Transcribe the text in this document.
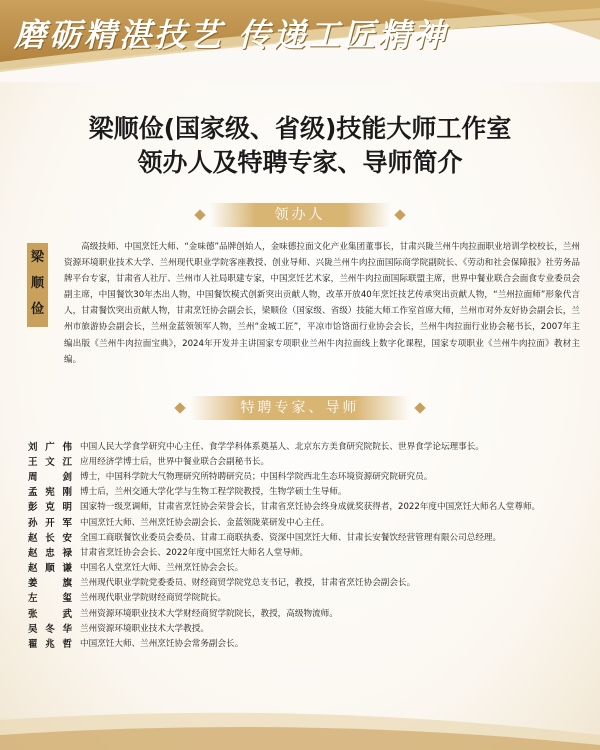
磨砺精湛技艺 传递工匠精神
梁顺俭(国家级、省级)技能大师工作室
领办人及特聘专家、导师简介
领办人
梁
顺
俭
高级技师、中国烹饪大师、“金味德”品牌创始人，金味德拉面文化产业集团董事长，甘肃兴陇兰州牛肉拉面职业培训学校校长，兰州资源环境职业技术大学、兰州现代职业学院客座教授、创业导师、兴陇兰州牛肉拉面国际商学院副院长、《劳动和社会保障报》社劳务品牌平台专家，甘肃省人社厅、兰州市人社局职建专家，中国烹饪艺术家，兰州牛肉拉面国际联盟主席，世界中餐业联合会面食专业委员会副主席，中国餐饮30年杰出人物，中国餐饮模式创新突出贡献人物，改革开放40年烹饪技艺传承突出贡献人物，“兰州拉面师”形象代言人，甘肃餐饮突出贡献人物，甘肃烹饪协会副会长，梁顺俭（国家级、省级）技能大师工作室首席大师，兰州市对外友好协会副会长，兰州市旅游协会副会长，兰州金蓝领领军人物，兰州“金城工匠”，平凉市饸饹面行业协会会长，兰州牛肉拉面行业协会秘书长，2007年主编出版《兰州牛肉拉面宝典》，2024年开发并主讲国家专项职业兰州牛肉拉面线上数字化课程，国家专项职业《兰州牛肉拉面》教材主编。
特聘专家、导师
刘广伟 中国人民大学食学研究中心主任、食学学科体系奠基人、北京东方美食研究院院长、世界食学论坛理事长。
王文江 应用经济学博士后，世界中餐业联合会副秘书长。
周剑 博士，中国科学院大气物理研究所特聘研究员；中国科学院西北生态环境资源研究院研究员。
孟宪刚 博士后，兰州交通大学化学与生物工程学院教授，生物学硕士生导师。
彭克明 国家特一级烹调师，甘肃省烹饪协会荣誉会长，甘肃省烹饪协会终身成就奖获得者，2022年度中国烹饪大师名人堂尊师。
孙开军 中国烹饪大师、兰州烹饪协会副会长、金蓝领陇菜研发中心主任。
赵长安 全国工商联餐饮业委员会委员、甘肃工商联执委、资深中国烹饪大师、甘肃长安餐饮经营管理有限公司总经理。
赵忠禄 甘肃省烹饪协会会长、2022年度中国烹饪大师名人堂导师。
赵顺谦 中国名人堂烹饪大师、兰州烹饪协会会长。
姜旗 兰州现代职业学院党委委员、财经商贸学院党总支书记，教授，甘肃省烹饪协会副会长。
左玺 兰州现代职业学院财经商贸学院院长。
张武 兰州资源环境职业技术大学财经商贸学院院长，教授，高级物流师。
吴冬华 兰州资源环境职业技术大学教授。
翟兆哲 中国烹饪大师、兰州烹饪协会常务副会长。
